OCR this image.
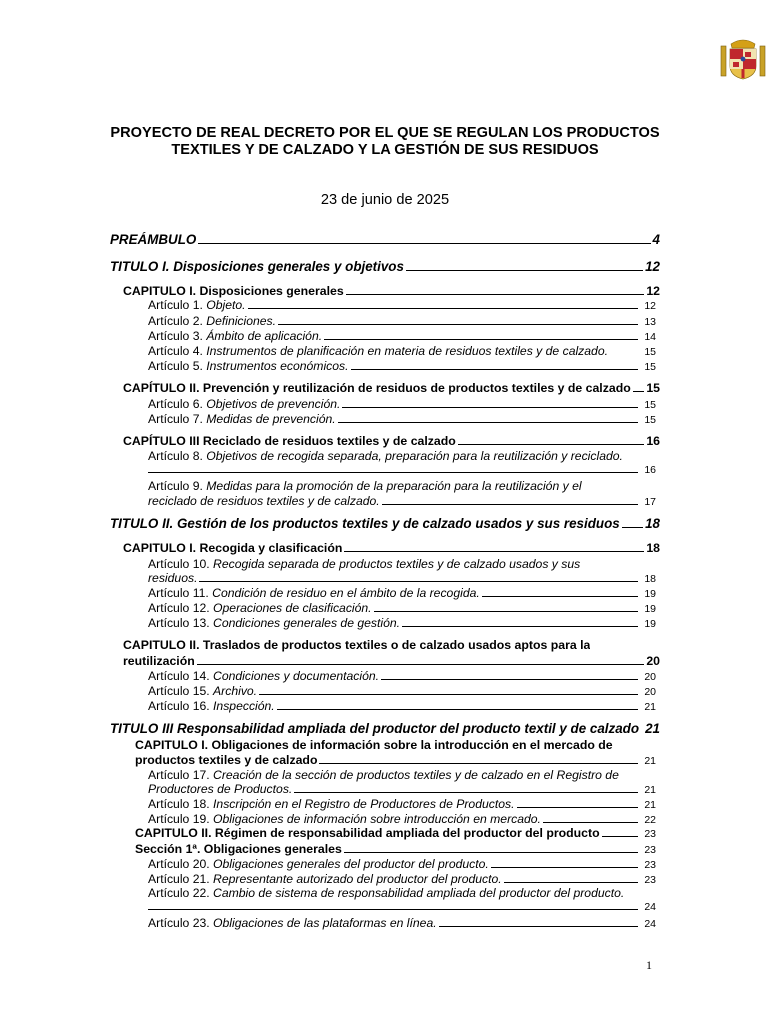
PROYECTO DE REAL DECRETO POR EL QUE SE REGULAN LOS PRODUCTOS TEXTILES Y DE CALZADO Y LA GESTIÓN DE SUS RESIDUOS
23 de junio de 2025
PREÁMBULO	4
TITULO I. Disposiciones generales y objetivos	12
CAPITULO I. Disposiciones generales	12
Artículo 1. Objeto.	12
Artículo 2. Definiciones.	13
Artículo 3. Ámbito de aplicación.	14
Artículo 4. Instrumentos de planificación en materia de residuos textiles y de calzado.	15
Artículo 5. Instrumentos económicos.	15
CAPÍTULO II. Prevención y reutilización de residuos de productos textiles y de calzado 15
Artículo 6. Objetivos de prevención.	15
Artículo 7. Medidas de prevención.	15
CAPÍTULO III Reciclado de residuos textiles y de calzado	16
Artículo 8. Objetivos de recogida separada, preparación para la reutilización y reciclado.
16
Artículo 9. Medidas para la promoción de la preparación para la reutilización y el
reciclado de residuos textiles y de calzado.	17
TITULO II. Gestión de los productos textiles y de calzado usados y sus residuos 18
CAPITULO I. Recogida y clasificación	18
Artículo 10. Recogida separada de productos textiles y de calzado usados y sus
residuos.	18
Artículo 11. Condición de residuo en el ámbito de la recogida.	19
Artículo 12. Operaciones de clasificación.	19
Artículo 13. Condiciones generales de gestión.	19
CAPITULO II. Traslados de productos textiles o de calzado usados aptos para la
reutilización	20
Artículo 14. Condiciones y documentación.	20
Artículo 15. Archivo.	20
Artículo 16. Inspección.	21
TITULO III Responsabilidad ampliada del productor del producto textil y de calzado 21
CAPITULO I. Obligaciones de información sobre la introducción en el mercado de
productos textiles y de calzado	21
Artículo 17. Creación de la sección de productos textiles y de calzado en el Registro de
Productores de Productos.	21
Artículo 18. Inscripción en el Registro de Productores de Productos.	21
Artículo 19. Obligaciones de información sobre introducción en mercado.	22
CAPITULO II. Régimen de responsabilidad ampliada del productor del producto	23
Sección 1ª. Obligaciones generales	23
Artículo 20. Obligaciones generales del productor del producto.	23
Artículo 21. Representante autorizado del productor del producto.	23
Artículo 22. Cambio de sistema de responsabilidad ampliada del productor del producto.
24
Artículo 23. Obligaciones de las plataformas en línea.	24
1
